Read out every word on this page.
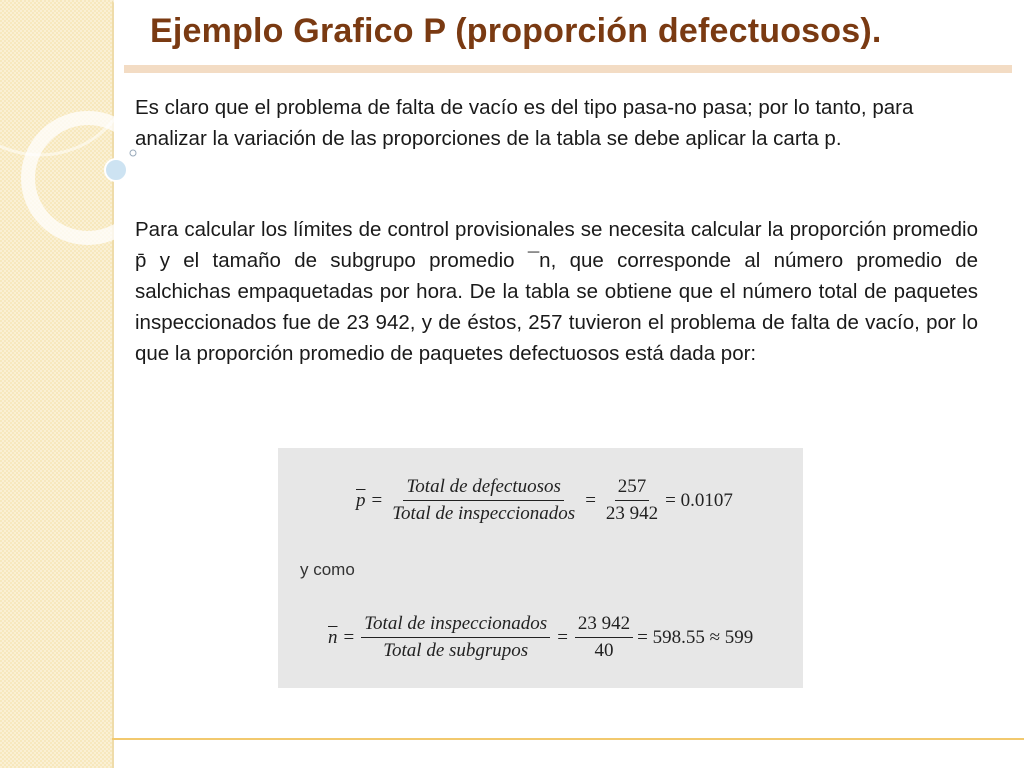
Ejemplo Grafico P (proporción defectuosos).

Es claro que el problema de falta de vacío es del tipo pasa-no pasa; por lo tanto, para analizar la variación de las proporciones de la tabla se debe aplicar la carta p.

Para calcular los límites de control provisionales se necesita calcular la proporción promedio p̄ y el tamaño de subgrupo promedio ¯n, que corresponde al número promedio de salchichas empaquetadas por hora. De la tabla se obtiene que el número total de paquetes inspeccionados fue de 23 942, y de éstos, 257 tuvieron el problema de falta de vacío, por lo que la proporción promedio de paquetes defectuosos está dada por:

$\overline{p} = \frac{\text{Total de defectuosos}}{\text{Total de inspeccionados}} = \frac{257}{23 942} = 0.0107$
y como
$\overline{n} = \frac{\text{Total de inspeccionados}}{\text{Total de subgrupos}} = \frac{23 942}{40} = 598.55 \approx 599$
